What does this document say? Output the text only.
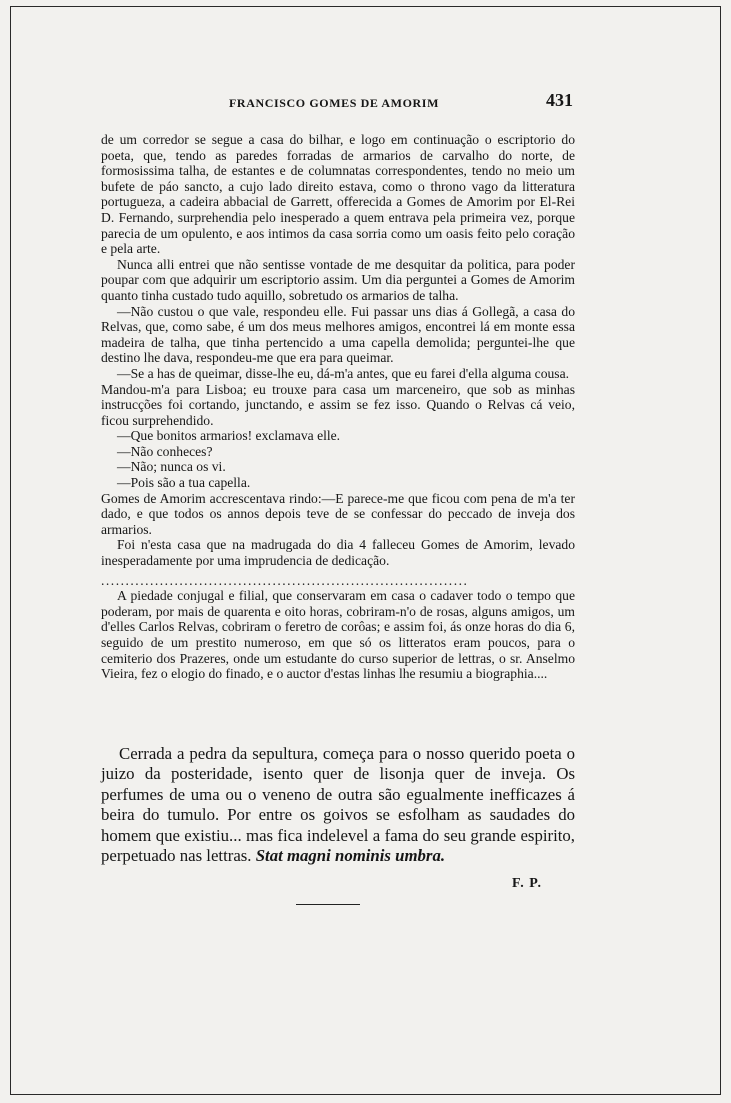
FRANCISCO GOMES DE AMORIM	431

de um corredor se segue a casa do bilhar, e logo em continuação o escriptorio do poeta, que, tendo as paredes forradas de armarios de carvalho do norte, de formosissima talha, de estantes e de columnatas correspondentes, tendo no meio um bufete de páo sancto, a cujo lado direito estava, como o throno vago da litteratura portugueza, a cadeira abbacial de Garrett, offerecida a Gomes de Amorim por El-Rei D. Fernando, surprehendia pelo inesperado a quem entrava pela primeira vez, porque parecia de um opulento, e aos intimos da casa sorria como um oasis feito pelo coração e pela arte.

Nunca alli entrei que não sentisse vontade de me desquitar da politica, para poder poupar com que adquirir um escriptorio assim. Um dia perguntei a Gomes de Amorim quanto tinha custado tudo aquillo, sobretudo os armarios de talha.

—Não custou o que vale, respondeu elle. Fui passar uns dias á Gollegã, a casa do Relvas, que, como sabe, é um dos meus melhores amigos, encontrei lá em monte essa madeira de talha, que tinha pertencido a uma capella demolida; perguntei-lhe que destino lhe dava, respondeu-me que era para queimar.

—Se a has de queimar, disse-lhe eu, dá-m'a antes, que eu farei d'ella alguma cousa.

Mandou-m'a para Lisboa; eu trouxe para casa um marceneiro, que sob as minhas instrucções foi cortando, junctando, e assim se fez isso. Quando o Relvas cá veio, ficou surprehendido.

—Que bonitos armarios! exclamava elle.

—Não conheces?

—Não; nunca os vi.

—Pois são a tua capella.

Gomes de Amorim accrescentava rindo:—E parece-me que ficou com pena de m'a ter dado, e que todos os annos depois teve de se confessar do peccado de inveja dos armarios.

Foi n'esta casa que na madrugada do dia 4 falleceu Gomes de Amorim, levado inesperadamente por uma imprudencia de dedicação.

...........................................................................

A piedade conjugal e filial, que conservaram em casa o cadaver todo o tempo que poderam, por mais de quarenta e oito horas, cobriram-n'o de rosas, alguns amigos, um d'elles Carlos Relvas, cobriram o feretro de corôas; e assim foi, ás onze horas do dia 6, seguido de um prestito numeroso, em que só os litteratos eram poucos, para o cemiterio dos Prazeres, onde um estudante do curso superior de lettras, o sr. Anselmo Vieira, fez o elogio do finado, e o auctor d'estas linhas lhe resumiu a biographia....

Cerrada a pedra da sepultura, começa para o nosso querido poeta o juizo da posteridade, isento quer de lisonja quer de inveja. Os perfumes de uma ou o veneno de outra são egualmente inefficazes á beira do tumulo. Por entre os goivos se esfolham as saudades do homem que existiu... mas fica indelevel a fama do seu grande espirito, perpetuado nas lettras. Stat magni nominis umbra.

F. P.
